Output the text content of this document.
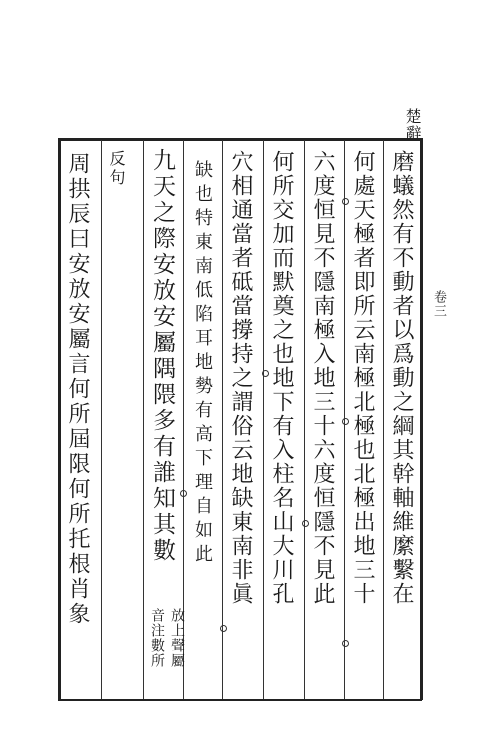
楚辭
卷三
磨蟻然有不動者以爲動之綱其幹軸維縻繫在
何處天極者即所云南極北極也北極出地三十
六度恒見不隱南極入地三十六度恒隱不見此
何所交加而默奠之也地下有入柱名山大川孔
穴相通當者砥當撐持之謂俗云地缺東南非眞
缺也特東南低陷耳地勢有高下理自如此
九天之際安放安屬隅隈多有誰知其數
放上聲屬
音注數所
反句
周拱辰曰安放安屬言何所屆限何所托根肖象
